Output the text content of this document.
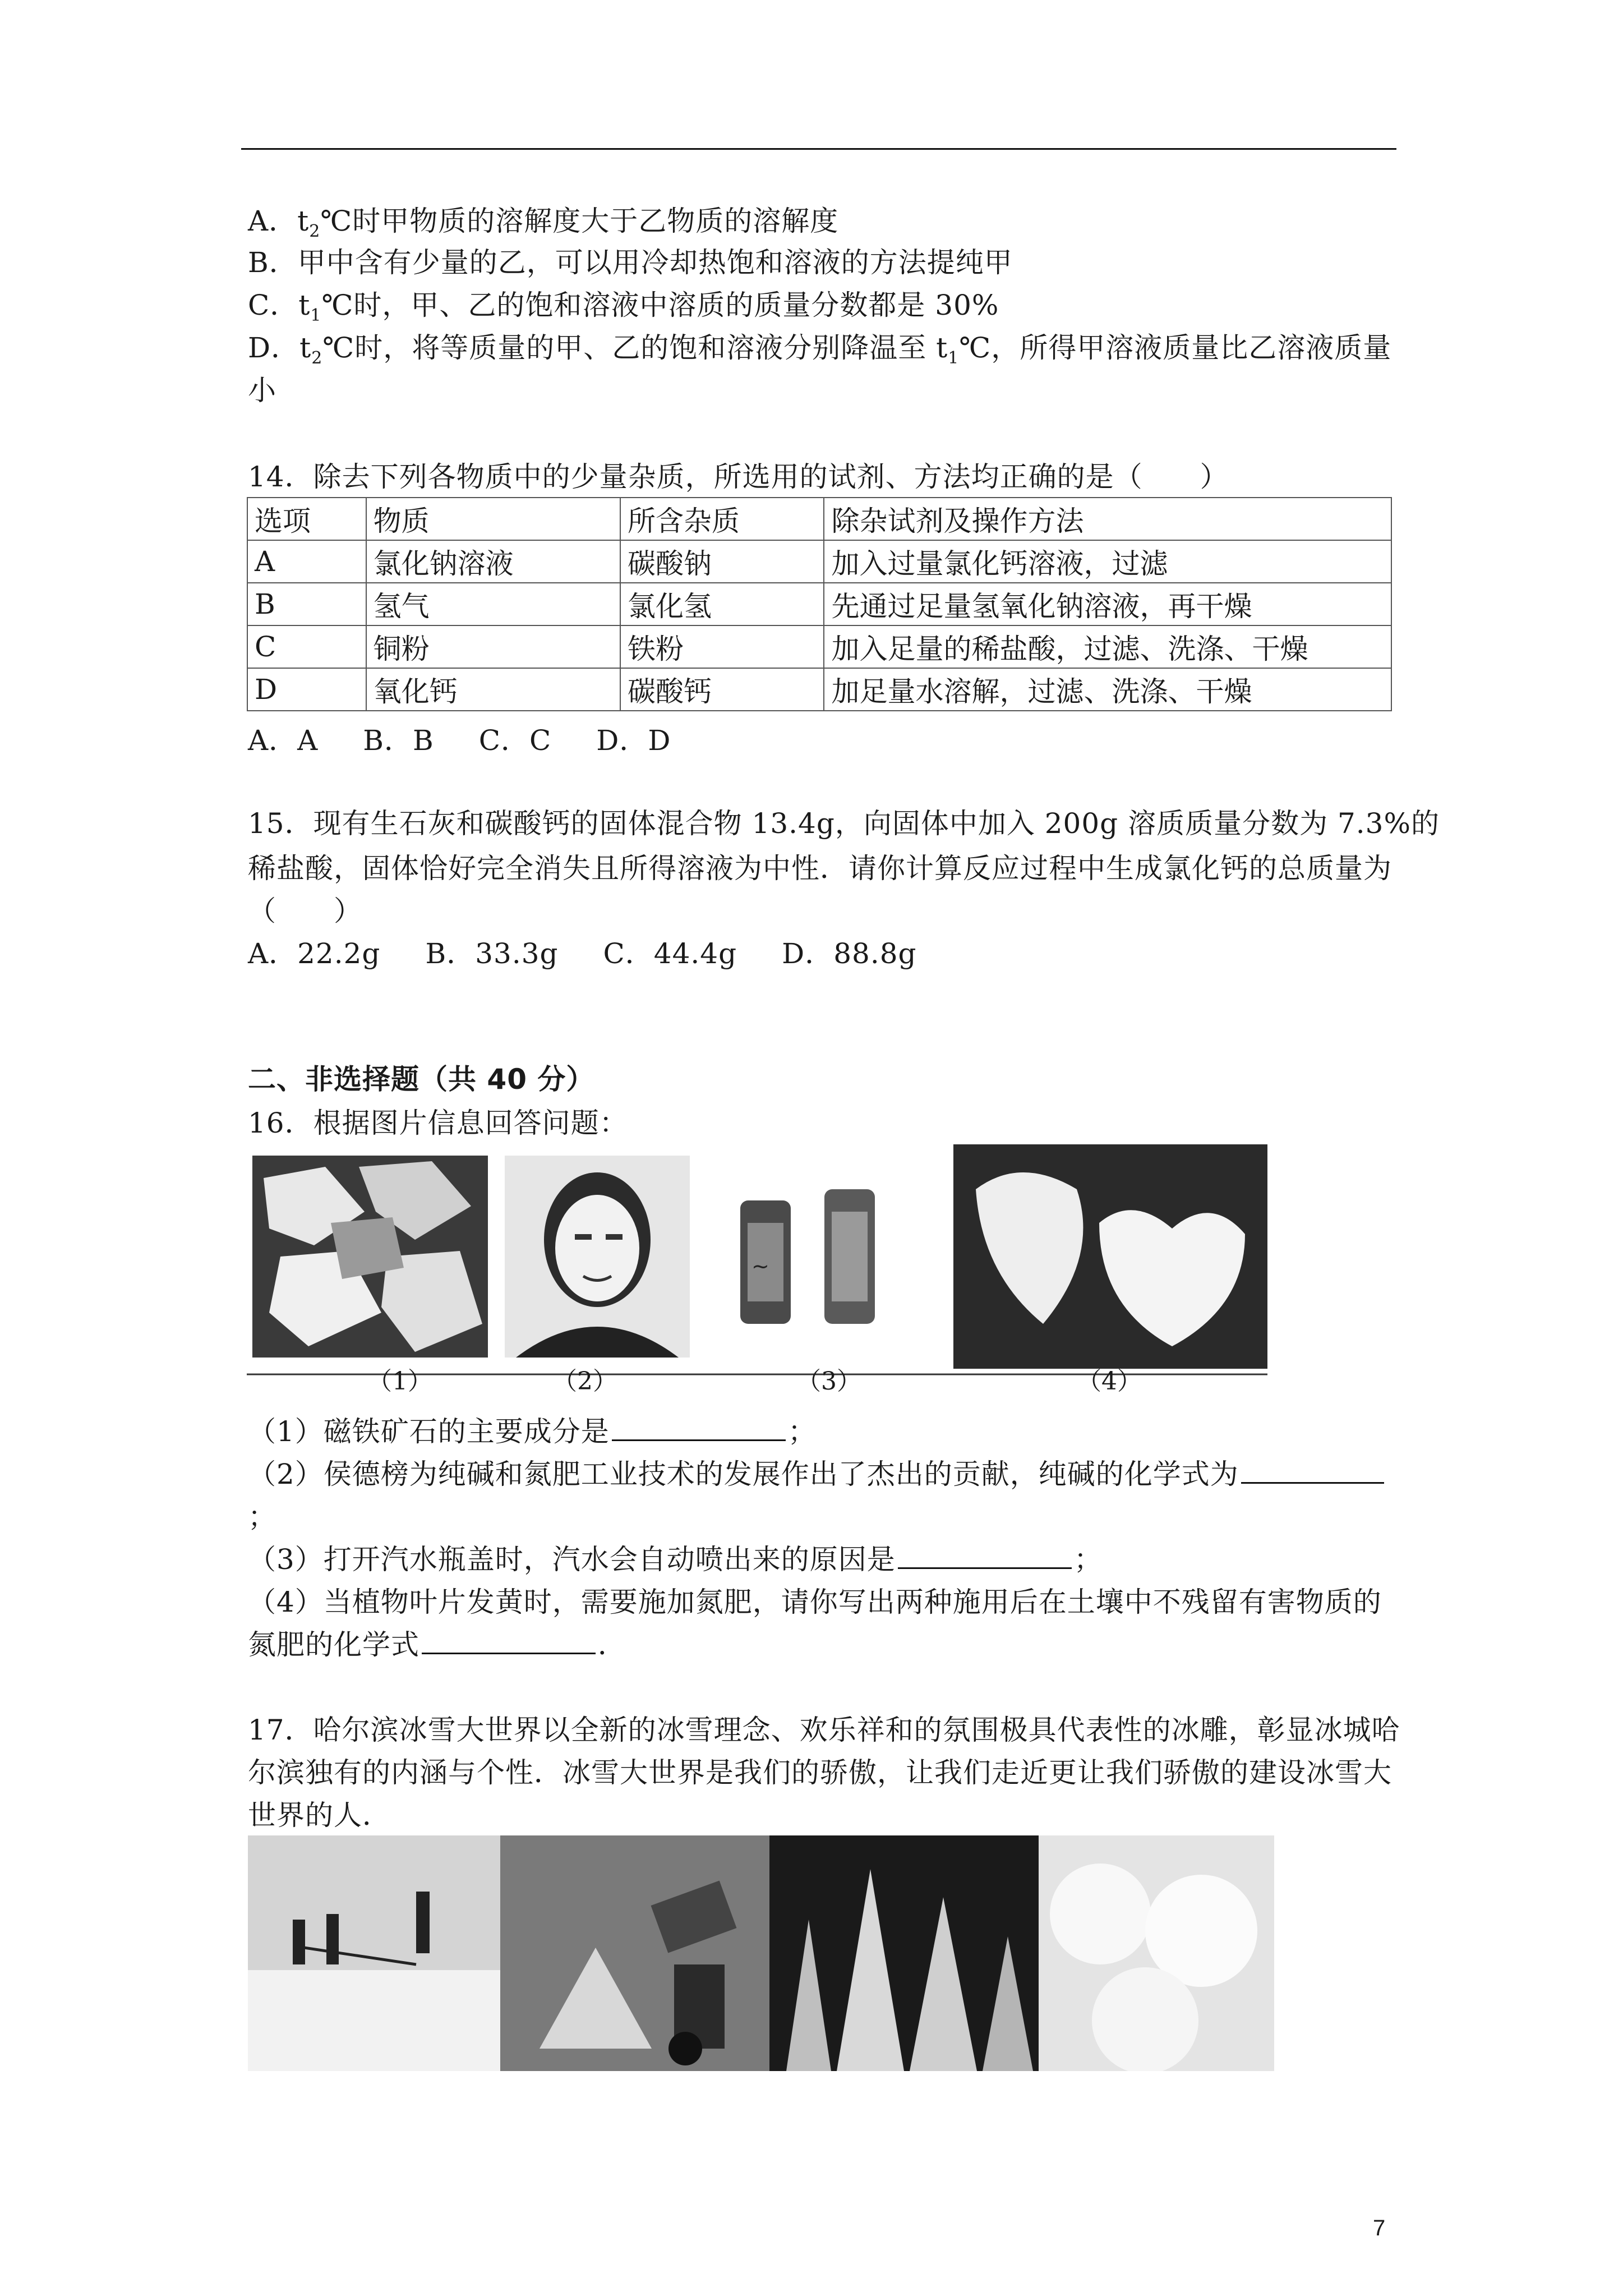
A．$t_2℃$时甲物质的溶解度大于乙物质的溶解度
B．甲中含有少量的乙，可以用冷却热饱和溶液的方法提纯甲
C．$t_1℃$时，甲、乙的饱和溶液中溶质的质量分数都是 30%
D．$t_2℃$时，将等质量的甲、乙的饱和溶液分别降温至 $t_1℃$，所得甲溶液质量比乙溶液质量
小
14．除去下列各物质中的少量杂质，所选用的试剂、方法均正确的是（　　）
选项	物质	所含杂质	除杂试剂及操作方法
A	氯化钠溶液	碳酸钠	加入过量氯化钙溶液，过滤
B	氢气	氯化氢	先通过足量氢氧化钠溶液，再干燥
C	铜粉	铁粉	加入足量的稀盐酸，过滤、洗涤、干燥
D	氧化钙	碳酸钙	加足量水溶解，过滤、洗涤、干燥
A．A B．B C．C D．D
15．现有生石灰和碳酸钙的固体混合物 13.4g，向固体中加入 200g 溶质质量分数为 7.3%的
稀盐酸，固体恰好完全消失且所得溶液为中性．请你计算反应过程中生成氯化钙的总质量为
（　　）
A．22.2g B．33.3g C．44.4g D．88.8g
二、非选择题（共 40 分）
16．根据图片信息回答问题：
~
（1）	（2）	（3）	（4）
（1）磁铁矿石的主要成分是	；
（2）侯德榜为纯碱和氮肥工业技术的发展作出了杰出的贡献，纯碱的化学式为
；
（3）打开汽水瓶盖时，汽水会自动喷出来的原因是	；
（4）当植物叶片发黄时，需要施加氮肥，请你写出两种施用后在土壤中不残留有害物质的
氮肥的化学式	．
17．哈尔滨冰雪大世界以全新的冰雪理念、欢乐祥和的氛围极具代表性的冰雕，彰显冰城哈
尔滨独有的内涵与个性．冰雪大世界是我们的骄傲，让我们走近更让我们骄傲的建设冰雪大
世界的人．
7
